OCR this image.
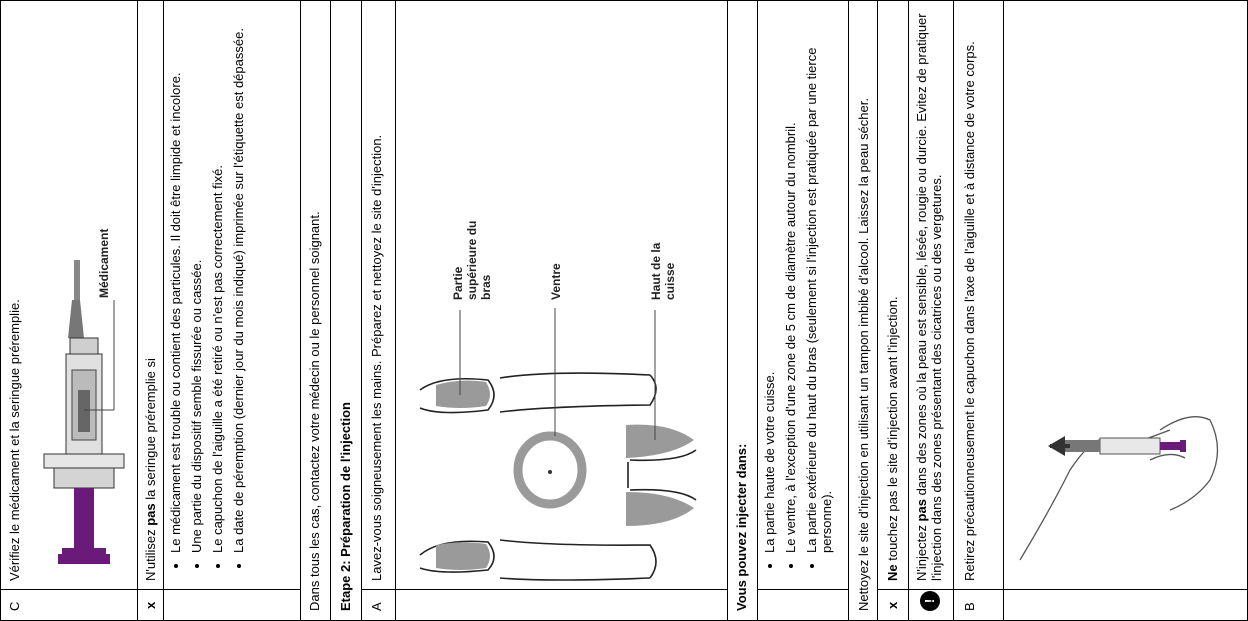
C
Vérifiez le médicament et la seringue préremplie.
Médicament
x
N'utilisez pas la seringue préremplie si • Le médicament est trouble ou contient des particules. Il doit être limpide et incolore. • Une partie du dispositif semble fissurée ou cassée. • Le capuchon de l'aiguille a été retiré ou n'est pas correctement fixé. • La date de péremption (dernier jour du mois indiqué) imprimée sur l'étiquette est dépassée.	Dans tous les cas, contactez votre médecin ou le personnel soignant. Etape 2: Préparation de l'injection A
Lavez-vous soigneusement les mains. Préparez et nettoyez le site d'injection.	Partie supérieure du bras	Ventre	Haut de la cuisse
Vous pouvez injecter dans: • La partie haute de votre cuisse. • Le ventre, à l'exception d'une zone de 5 cm de diamètre autour du nombril. • La partie extérieure du haut du bras (seulement si l'injection est pratiquée par une tierce personne). Nettoyez le site d'injection en utilisant un tampon imbibé d'alcool. Laissez la peau sécher. x
Ne touchez pas le site d'injection avant l'injection.
!
N'injectez pas dans des zones où la peau est sensible, lésée, rougie ou durcie. Evitez de pratiquer l'injection dans des zones présentant des cicatrices ou des vergetures.
B
Retirez précautionneusement le capuchon dans l'axe de l'aiguille et à distance de votre corps.
